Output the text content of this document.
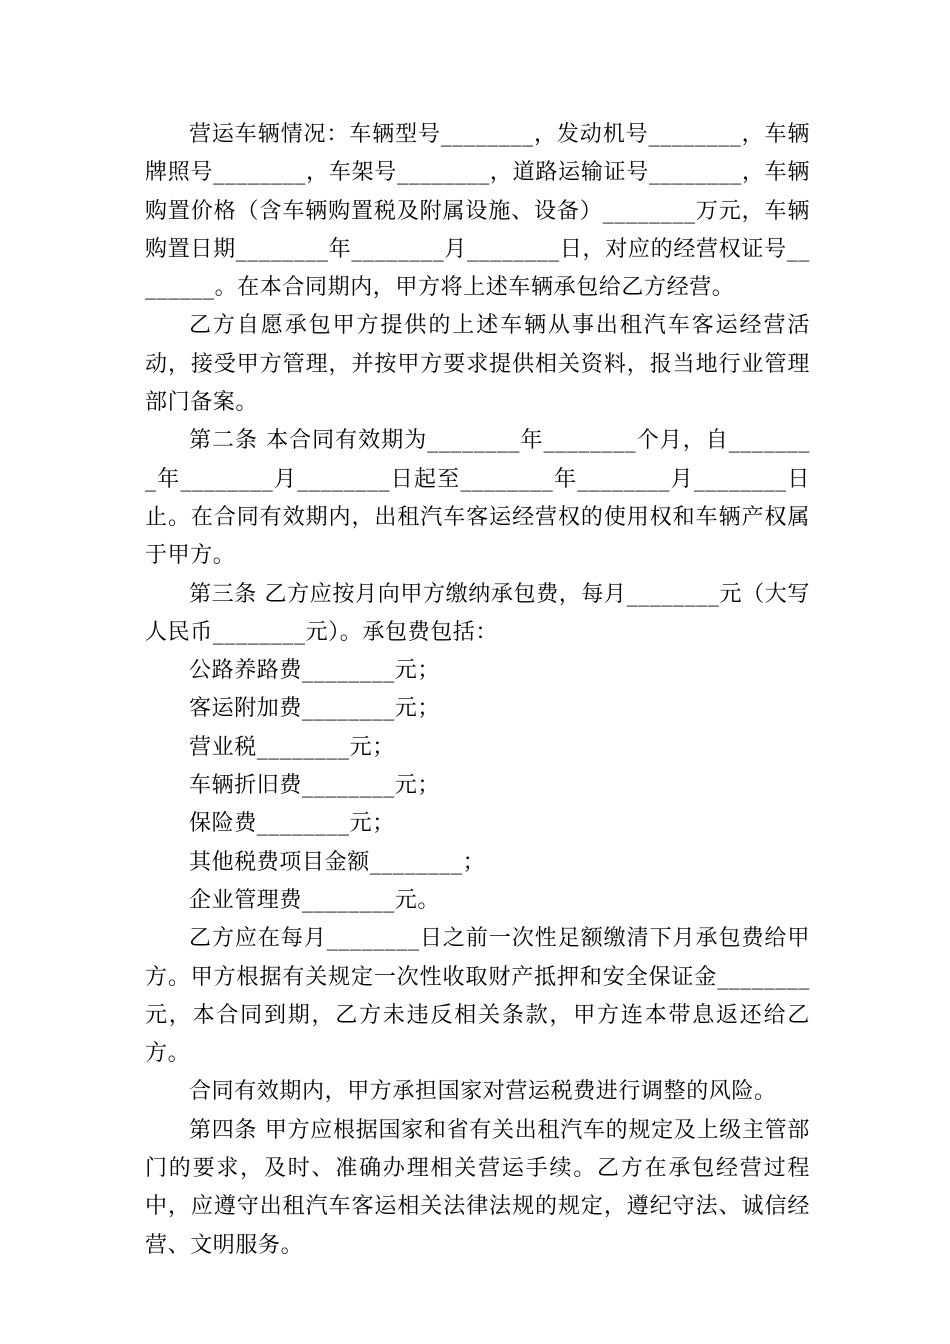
营运车辆情况：车辆型号________，发动机号________，车辆牌照号________，车架号________，道路运输证号________，车辆购置价格（含车辆购置税及附属设施、设备）________万元，车辆购置日期________年________月________日，对应的经营权证号________。在本合同期内，甲方将上述车辆承包给乙方经营。

乙方自愿承包甲方提供的上述车辆从事出租汽车客运经营活动，接受甲方管理，并按甲方要求提供相关资料，报当地行业管理部门备案。

第二条 本合同有效期为________年________个月，自________年________月________日起至________年________月________日止。在合同有效期内，出租汽车客运经营权的使用权和车辆产权属于甲方。

第三条 乙方应按月向甲方缴纳承包费，每月________元（大写人民币________元）。承包费包括：

公路养路费________元；

客运附加费________元；

营业税________元；

车辆折旧费________元；

保险费________元；

其他税费项目金额________；

企业管理费________元。

乙方应在每月________日之前一次性足额缴清下月承包费给甲方。甲方根据有关规定一次性收取财产抵押和安全保证金________元，本合同到期，乙方未违反相关条款，甲方连本带息返还给乙方。

合同有效期内，甲方承担国家对营运税费进行调整的风险。

第四条 甲方应根据国家和省有关出租汽车的规定及上级主管部门的要求，及时、准确办理相关营运手续。乙方在承包经营过程中，应遵守出租汽车客运相关法律法规的规定，遵纪守法、诚信经营、文明服务。
